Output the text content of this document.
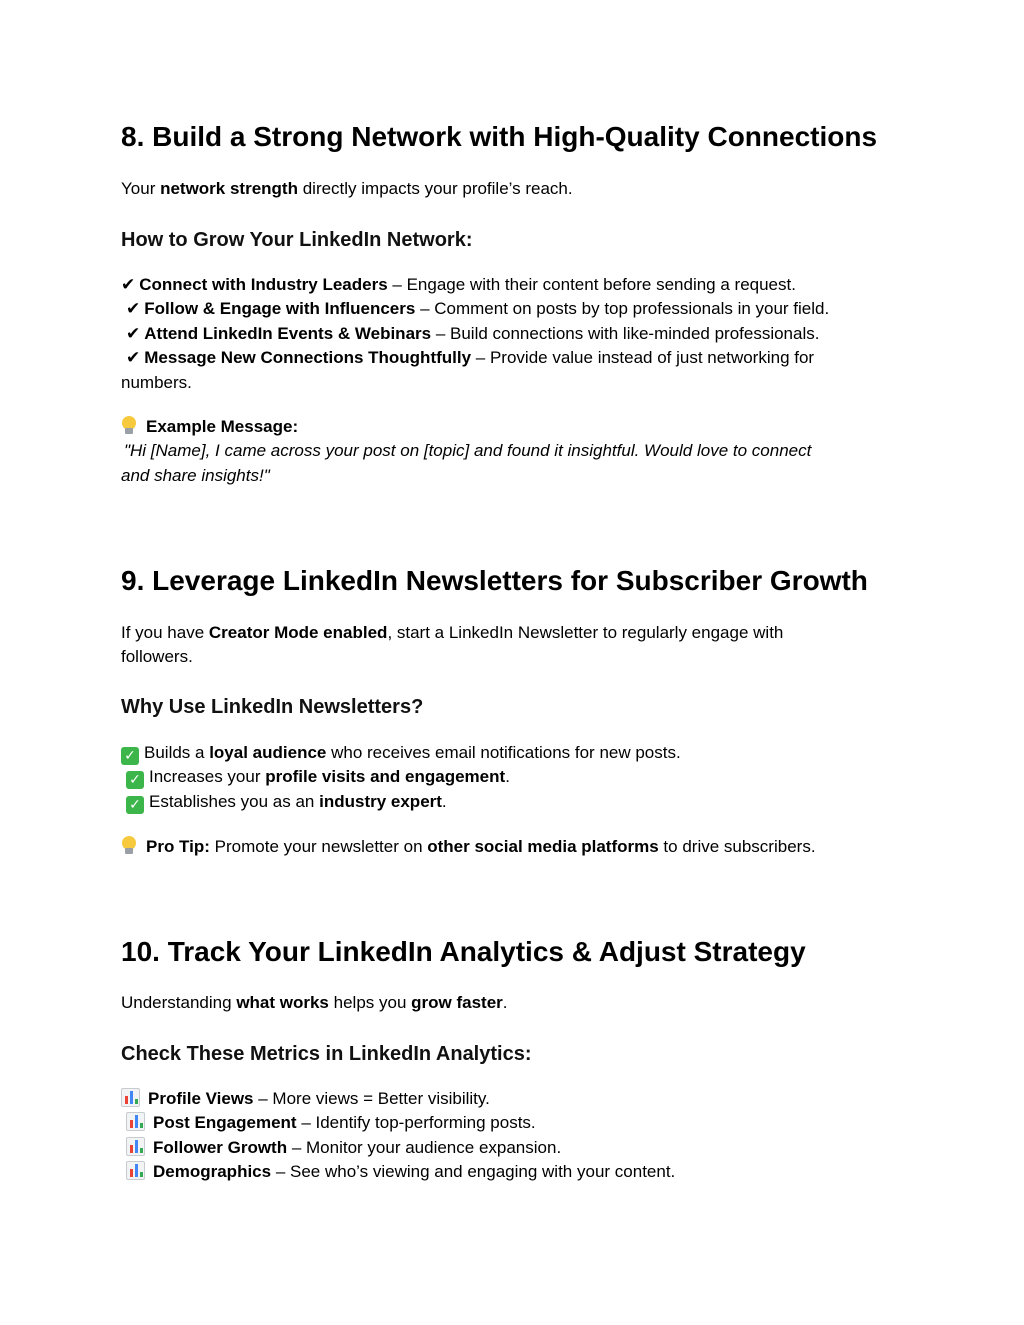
8. Build a Strong Network with High-Quality Connections

Your network strength directly impacts your profile’s reach.

How to Grow Your LinkedIn Network:
✔ Connect with Industry Leaders – Engage with their content before sending a request.
✔ Follow & Engage with Influencers – Comment on posts by top professionals in your field.
✔ Attend LinkedIn Events & Webinars – Build connections with like-minded professionals.
✔ Message New Connections Thoughtfully – Provide value instead of just networking for
numbers.
Example Message:
"Hi [Name], I came across your post on [topic] and found it insightful. Would love to connect
and share insights!"
9. Leverage LinkedIn Newsletters for Subscriber Growth
If you have Creator Mode enabled, start a LinkedIn Newsletter to regularly engage with
followers.
Why Use LinkedIn Newsletters?
✓ Builds a loyal audience who receives email notifications for new posts.
✓ Increases your profile visits and engagement.
✓ Establishes you as an industry expert.

Pro Tip: Promote your newsletter on other social media platforms to drive subscribers.

10. Track Your LinkedIn Analytics & Adjust Strategy

Understanding what works helps you grow faster.

Check These Metrics in LinkedIn Analytics:
Profile Views – More views = Better visibility.
Post Engagement – Identify top-performing posts.
Follower Growth – Monitor your audience expansion.
Demographics – See who’s viewing and engaging with your content.
